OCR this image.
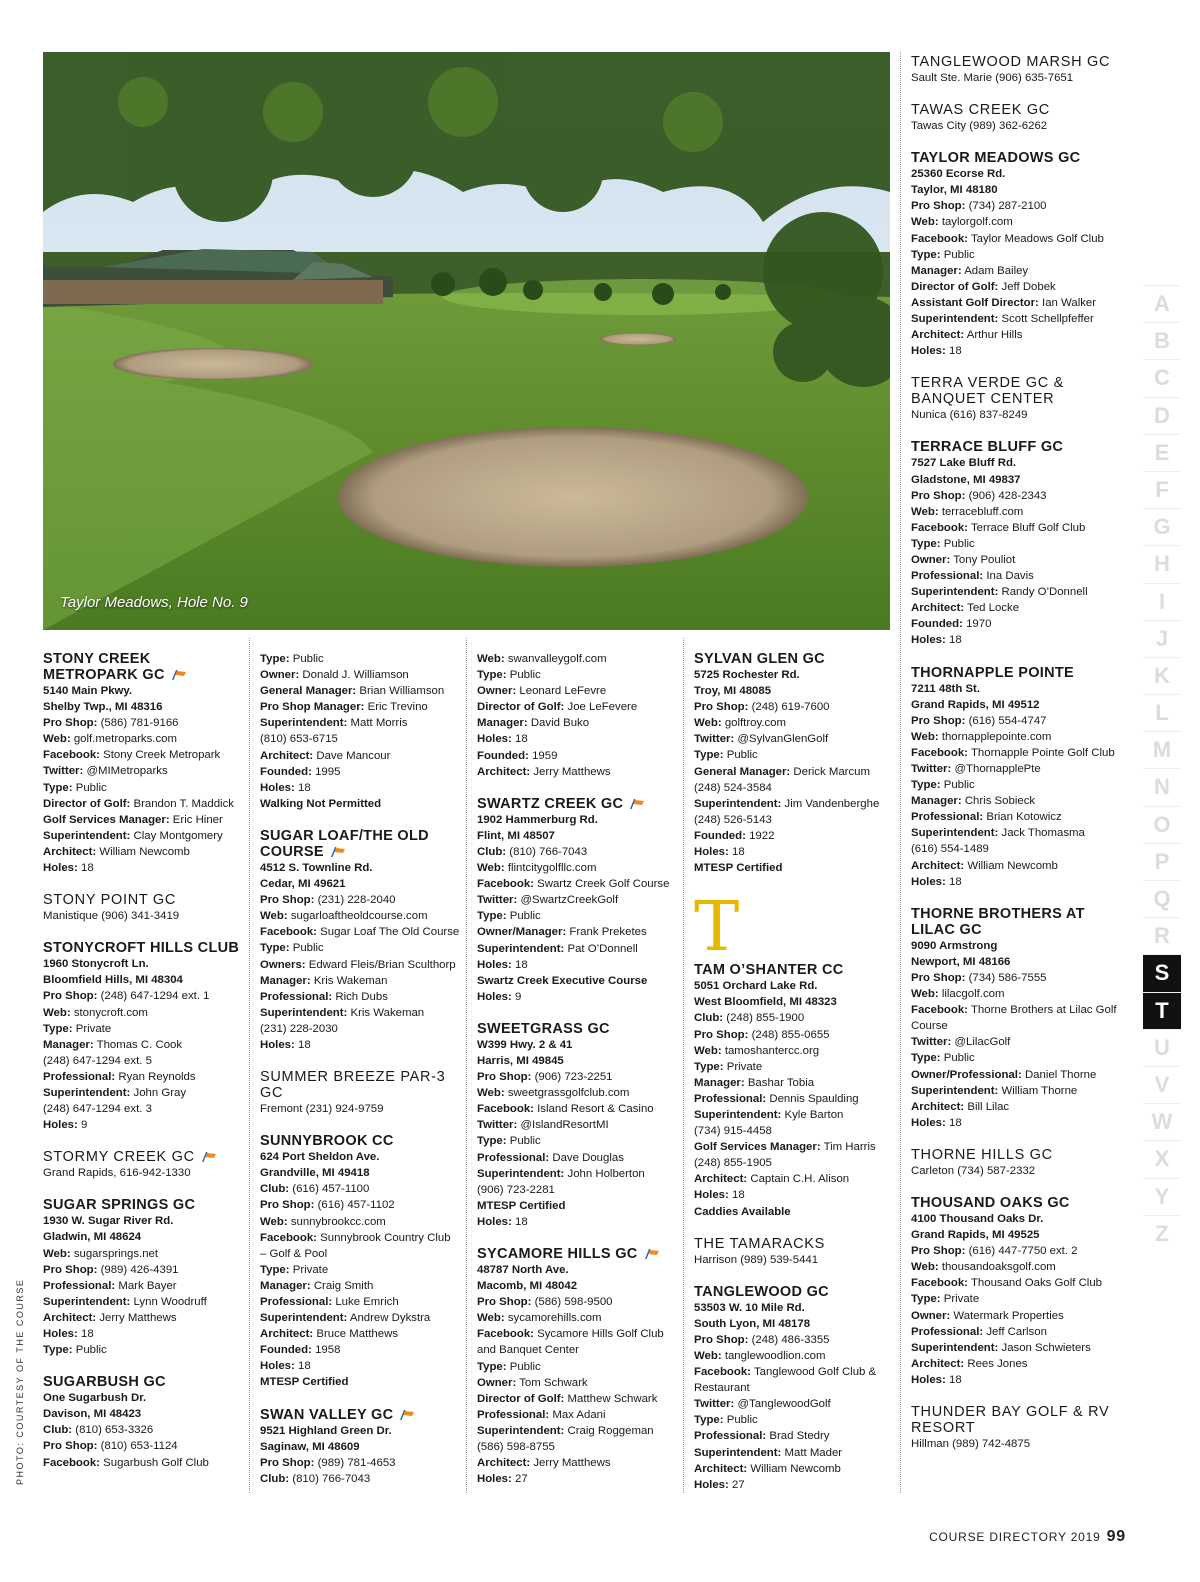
Taylor Meadows, Hole No. 9
PHOTO: COURTESY OF THE COURSE
STONY CREEK METROPARK GC
5140 Main Pkwy.
Shelby Twp., MI 48316
Pro Shop: (586) 781-9166
Web: golf.metroparks.com
Facebook: Stony Creek Metropark
Twitter: @MIMetroparks
Type: Public
Director of Golf: Brandon T. Maddick
Golf Services Manager: Eric Hiner
Superintendent: Clay Montgomery
Architect: William Newcomb
Holes: 18
STONY POINT GC
Manistique (906) 341-3419
STONYCROFT HILLS CLUB
1960 Stonycroft Ln.
Bloomfield Hills, MI 48304
Pro Shop: (248) 647-1294 ext. 1
Web: stonycroft.com
Type: Private
Manager: Thomas C. Cook
(248) 647-1294 ext. 5
Professional: Ryan Reynolds
Superintendent: John Gray
(248) 647-1294 ext. 3
Holes: 9
STORMY CREEK GC
Grand Rapids, 616-942-1330
SUGAR SPRINGS GC
1930 W. Sugar River Rd.
Gladwin, MI 48624
Web: sugarsprings.net
Pro Shop: (989) 426-4391
Professional: Mark Bayer
Superintendent: Lynn Woodruff
Architect: Jerry Matthews
Holes: 18
Type: Public
SUGARBUSH GC
One Sugarbush Dr.
Davison, MI 48423
Club: (810) 653-3326
Pro Shop: (810) 653-1124
Facebook: Sugarbush Golf Club
Type: Public
Owner: Donald J. Williamson
General Manager: Brian Williamson
Pro Shop Manager: Eric Trevino
Superintendent: Matt Morris
(810) 653-6715
Architect: Dave Mancour
Founded: 1995
Holes: 18
Walking Not Permitted
SUGAR LOAF/THE OLD COURSE
4512 S. Townline Rd.
Cedar, MI 49621
Pro Shop: (231) 228-2040
Web: sugarloaftheoldcourse.com
Facebook: Sugar Loaf The Old Course
Type: Public
Owners: Edward Fleis/Brian Sculthorp
Manager: Kris Wakeman
Professional: Rich Dubs
Superintendent: Kris Wakeman
(231) 228-2030
Holes: 18
SUMMER BREEZE PAR-3 GC
Fremont (231) 924-9759
SUNNYBROOK CC
624 Port Sheldon Ave.
Grandville, MI 49418
Club: (616) 457-1100
Pro Shop: (616) 457-1102
Web: sunnybrookcc.com
Facebook: Sunnybrook Country Club – Golf & Pool
Type: Private
Manager: Craig Smith
Professional: Luke Emrich
Superintendent: Andrew Dykstra
Architect: Bruce Matthews
Founded: 1958
Holes: 18
MTESP Certified
SWAN VALLEY GC
9521 Highland Green Dr.
Saginaw, MI 48609
Pro Shop: (989) 781-4653
Club: (810) 766-7043
Web: swanvalleygolf.com
Type: Public
Owner: Leonard LeFevre
Director of Golf: Joe LeFevere
Manager: David Buko
Holes: 18
Founded: 1959
Architect: Jerry Matthews
SWARTZ CREEK GC
1902 Hammerburg Rd.
Flint, MI 48507
Club: (810) 766-7043
Web: flintcitygolfllc.com
Facebook: Swartz Creek Golf Course
Twitter: @SwartzCreekGolf
Type: Public
Owner/Manager: Frank Preketes
Superintendent: Pat O’Donnell
Holes: 18
Swartz Creek Executive Course
Holes: 9
SWEETGRASS GC
W399 Hwy. 2 & 41
Harris, MI 49845
Pro Shop: (906) 723-2251
Web: sweetgrassgolfclub.com
Facebook: Island Resort & Casino
Twitter: @IslandResortMI
Type: Public
Professional: Dave Douglas
Superintendent: John Holberton
(906) 723-2281
MTESP Certified
Holes: 18
SYCAMORE HILLS GC
48787 North Ave.
Macomb, MI 48042
Pro Shop: (586) 598-9500
Web: sycamorehills.com
Facebook: Sycamore Hills Golf Club and Banquet Center
Type: Public
Owner: Tom Schwark
Director of Golf: Matthew Schwark
Professional: Max Adani
Superintendent: Craig Roggeman
(586) 598-8755
Architect: Jerry Matthews
Holes: 27
SYLVAN GLEN GC
5725 Rochester Rd.
Troy, MI 48085
Pro Shop: (248) 619-7600
Web: golftroy.com
Twitter: @SylvanGlenGolf
Type: Public
General Manager: Derick Marcum
(248) 524-3584
Superintendent: Jim Vandenberghe
(248) 526-5143
Founded: 1922
Holes: 18
MTESP Certified
T
TAM O’SHANTER CC
5051 Orchard Lake Rd.
West Bloomfield, MI 48323
Club: (248) 855-1900
Pro Shop: (248) 855-0655
Web: tamoshantercc.org
Type: Private
Manager: Bashar Tobia
Professional: Dennis Spaulding
Superintendent: Kyle Barton
(734) 915-4458
Golf Services Manager: Tim Harris
(248) 855-1905
Architect: Captain C.H. Alison
Holes: 18
Caddies Available
THE TAMARACKS
Harrison (989) 539-5441
TANGLEWOOD GC
53503 W. 10 Mile Rd.
South Lyon, MI 48178
Pro Shop: (248) 486-3355
Web: tanglewoodlion.com
Facebook: Tanglewood Golf Club & Restaurant
Twitter: @TanglewoodGolf
Type: Public
Professional: Brad Stedry
Superintendent: Matt Mader
Architect: William Newcomb
Holes: 27
TANGLEWOOD MARSH GC
Sault Ste. Marie (906) 635-7651
TAWAS CREEK GC
Tawas City (989) 362-6262
TAYLOR MEADOWS GC
25360 Ecorse Rd.
Taylor, MI 48180
Pro Shop: (734) 287-2100
Web: taylorgolf.com
Facebook: Taylor Meadows Golf Club
Type: Public
Manager: Adam Bailey
Director of Golf: Jeff Dobek
Assistant Golf Director: Ian Walker
Superintendent: Scott Schellpfeffer
Architect: Arthur Hills
Holes: 18
TERRA VERDE GC & BANQUET CENTER
Nunica (616) 837-8249
TERRACE BLUFF GC
7527 Lake Bluff Rd.
Gladstone, MI 49837
Pro Shop: (906) 428-2343
Web: terracebluff.com
Facebook: Terrace Bluff Golf Club
Type: Public
Owner: Tony Pouliot
Professional: Ina Davis
Superintendent: Randy O’Donnell
Architect: Ted Locke
Founded: 1970
Holes: 18
THORNAPPLE POINTE
7211 48th St.
Grand Rapids, MI 49512
Pro Shop: (616) 554-4747
Web: thornapplepointe.com
Facebook: Thornapple Pointe Golf Club
Twitter: @ThornapplePte
Type: Public
Manager: Chris Sobieck
Professional: Brian Kotowicz
Superintendent: Jack Thomasma
(616) 554-1489
Architect: William Newcomb
Holes: 18
THORNE BROTHERS AT LILAC GC
9090 Armstrong
Newport, MI 48166
Pro Shop: (734) 586-7555
Web: lilacgolf.com
Facebook: Thorne Brothers at Lilac Golf Course
Twitter: @LilacGolf
Type: Public
Owner/Professional: Daniel Thorne
Superintendent: William Thorne
Architect: Bill Lilac
Holes: 18
THORNE HILLS GC
Carleton (734) 587-2332
THOUSAND OAKS GC
4100 Thousand Oaks Dr.
Grand Rapids, MI 49525
Pro Shop: (616) 447-7750 ext. 2
Web: thousandoaksgolf.com
Facebook: Thousand Oaks Golf Club
Type: Private
Owner: Watermark Properties
Professional: Jeff Carlson
Superintendent: Jason Schwieters
Architect: Rees Jones
Holes: 18
THUNDER BAY GOLF & RV RESORT
Hillman (989) 742-4875
A
B
C
D
E
F
G
H
I
J
K
L
M
N
O
P
Q
R
S
T
U
V
W
X
Y
Z
COURSE DIRECTORY 2019 99
